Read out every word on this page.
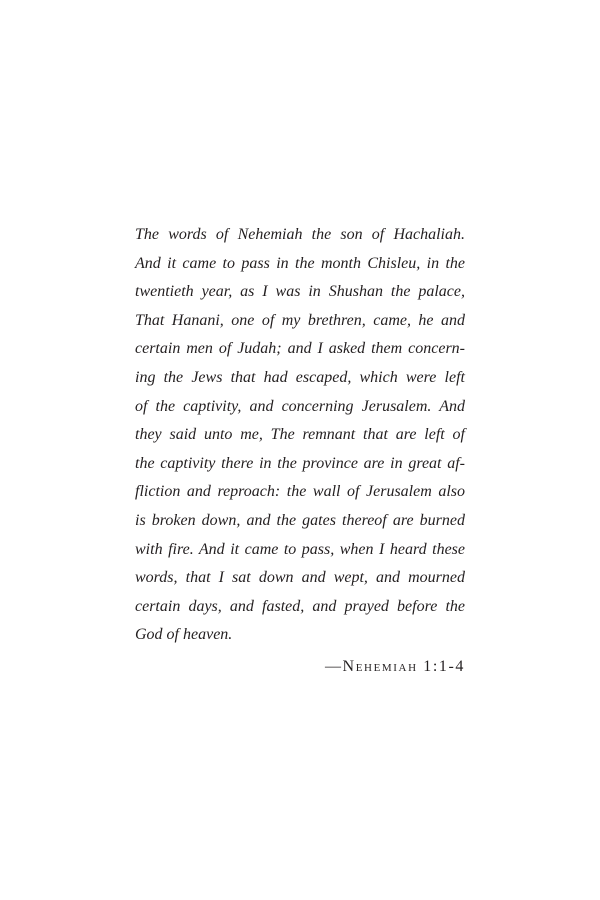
The words of Nehemiah the son of Hachaliah.
And it came to pass in the month Chisleu, in the
twentieth year, as I was in Shushan the palace,
That Hanani, one of my brethren, came, he and
certain men of Judah; and I asked them concern-
ing the Jews that had escaped, which were left
of the captivity, and concerning Jerusalem. And
they said unto me, The remnant that are left of
the captivity there in the province are in great af-
fliction and reproach: the wall of Jerusalem also
is broken down, and the gates thereof are burned
with fire. And it came to pass, when I heard these
words, that I sat down and wept, and mourned
certain days, and fasted, and prayed before the
God of heaven.
—Nehemiah 1:1-4
